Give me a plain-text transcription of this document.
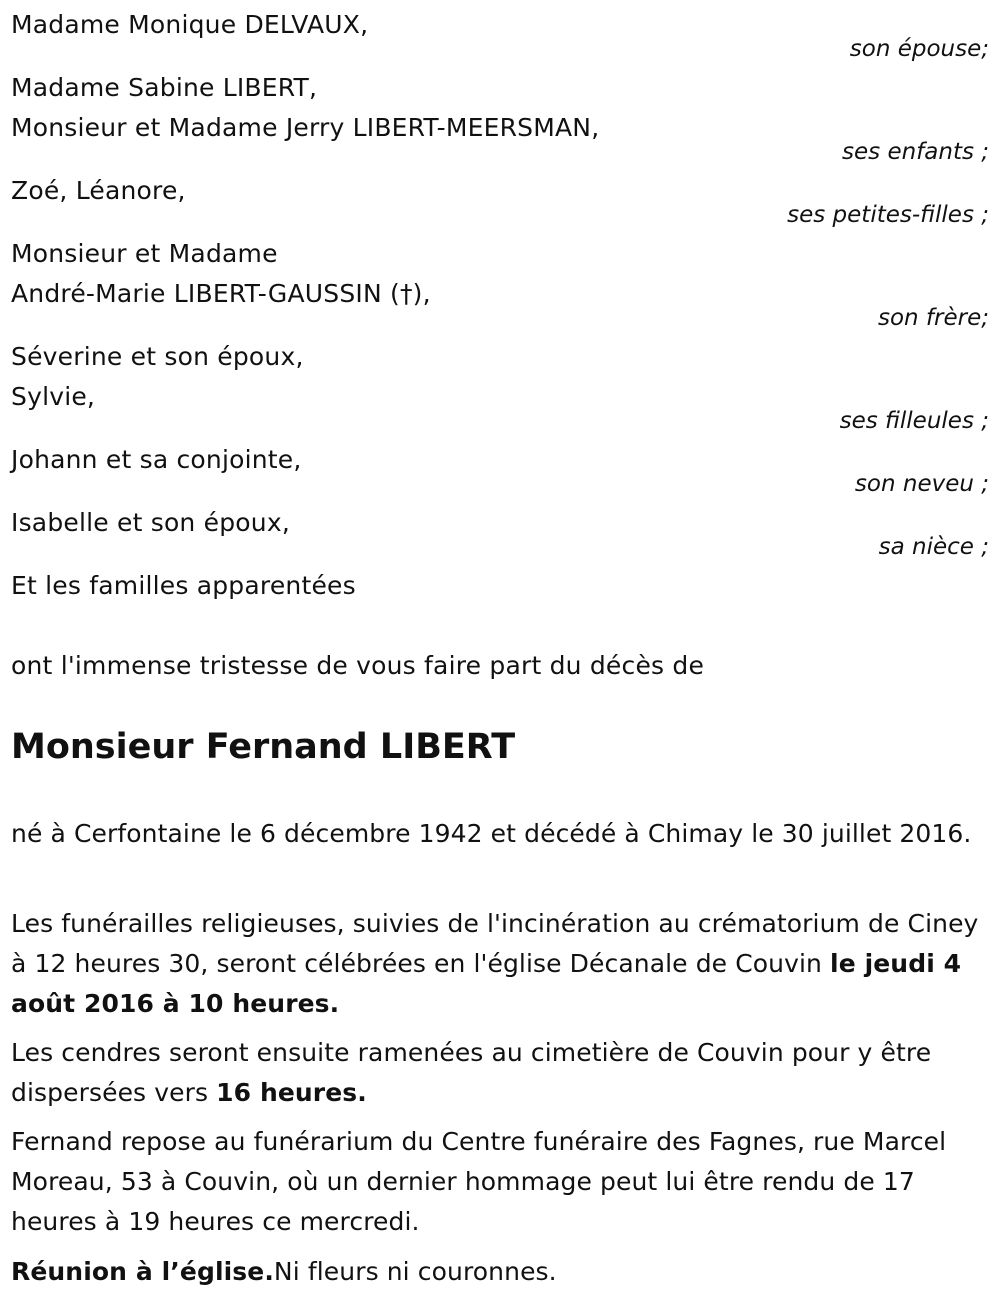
Madame Monique DELVAUX,
son épouse;
Madame Sabine LIBERT,
Monsieur et Madame Jerry LIBERT-MEERSMAN,
ses enfants ;
Zoé, Léanore,
ses petites-filles ;
Monsieur et Madame
André-Marie LIBERT-GAUSSIN (†),
son frère;
Séverine et son époux,
Sylvie,
ses filleules ;
Johann et sa conjointe,
son neveu ;
Isabelle et son époux,
sa nièce ;
Et les familles apparentées
ont l'immense tristesse de vous faire part du décès de
Monsieur Fernand LIBERT
né à Cerfontaine le 6 décembre 1942 et décédé à Chimay le 30 juillet 2016.
Les funérailles religieuses, suivies de l'incinération au crématorium de Ciney à 12 heures 30, seront célébrées en l'église Décanale de Couvin le jeudi 4 août 2016 à 10 heures.
Les cendres seront ensuite ramenées au cimetière de Couvin pour y être dispersées vers 16 heures.
Fernand repose au funérarium du Centre funéraire des Fagnes, rue Marcel Moreau, 53 à Couvin, où un dernier hommage peut lui être rendu de 17 heures à 19 heures ce mercredi.
Réunion à l’église.Ni fleurs ni couronnes.
